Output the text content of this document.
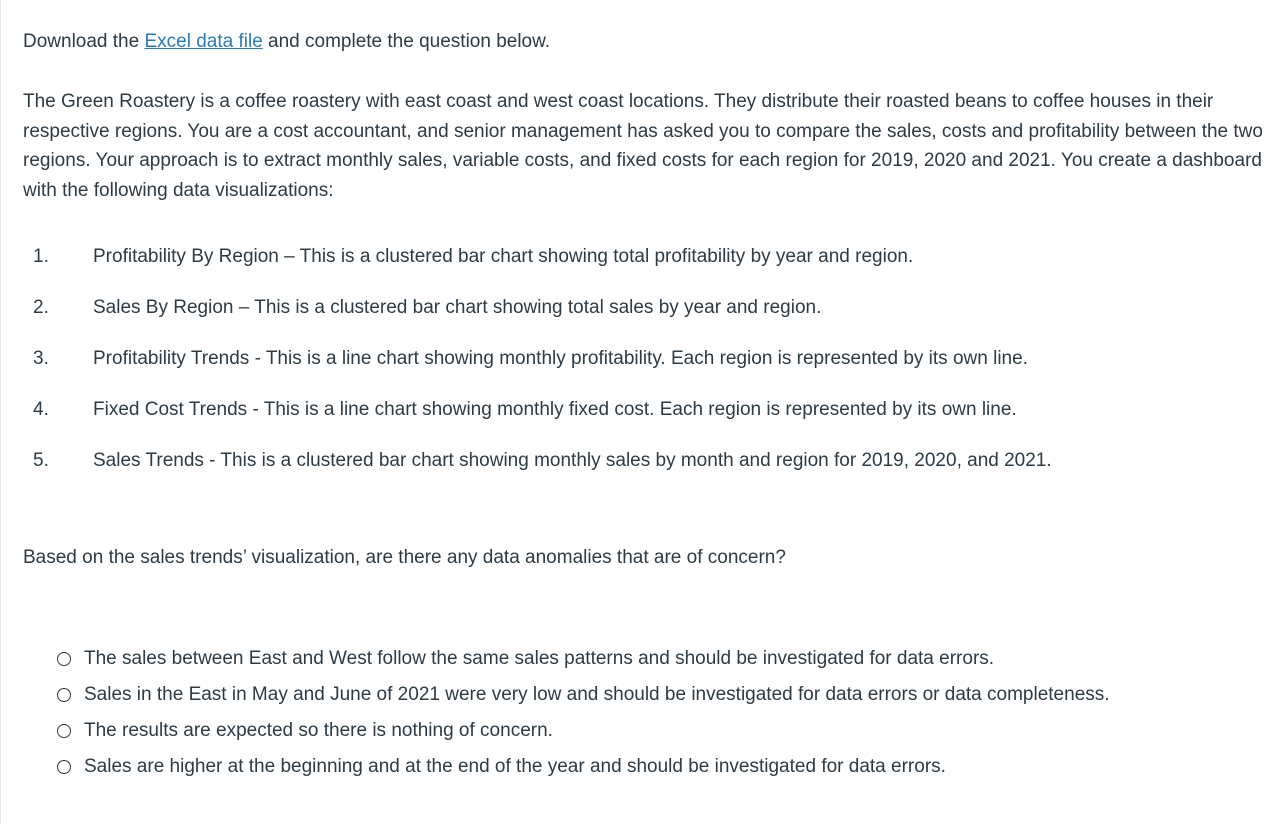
Download the Excel data file and complete the question below.

The Green Roastery is a coffee roastery with east coast and west coast locations. They distribute their roasted beans to coffee houses in their respective regions. You are a cost accountant, and senior management has asked you to compare the sales, costs and profitability between the two regions. Your approach is to extract monthly sales, variable costs, and fixed costs for each region for 2019, 2020 and 2021. You create a dashboard with the following data visualizations:

1.	Profitability By Region – This is a clustered bar chart showing total profitability by year and region.
2.	Sales By Region – This is a clustered bar chart showing total sales by year and region.
3.	Profitability Trends - This is a line chart showing monthly profitability. Each region is represented by its own line.
4.	Fixed Cost Trends - This is a line chart showing monthly fixed cost. Each region is represented by its own line.
5.	Sales Trends - This is a clustered bar chart showing monthly sales by month and region for 2019, 2020, and 2021.

Based on the sales trends’ visualization, are there any data anomalies that are of concern?

The sales between East and West follow the same sales patterns and should be investigated for data errors.
Sales in the East in May and June of 2021 were very low and should be investigated for data errors or data completeness.
The results are expected so there is nothing of concern.
Sales are higher at the beginning and at the end of the year and should be investigated for data errors.
